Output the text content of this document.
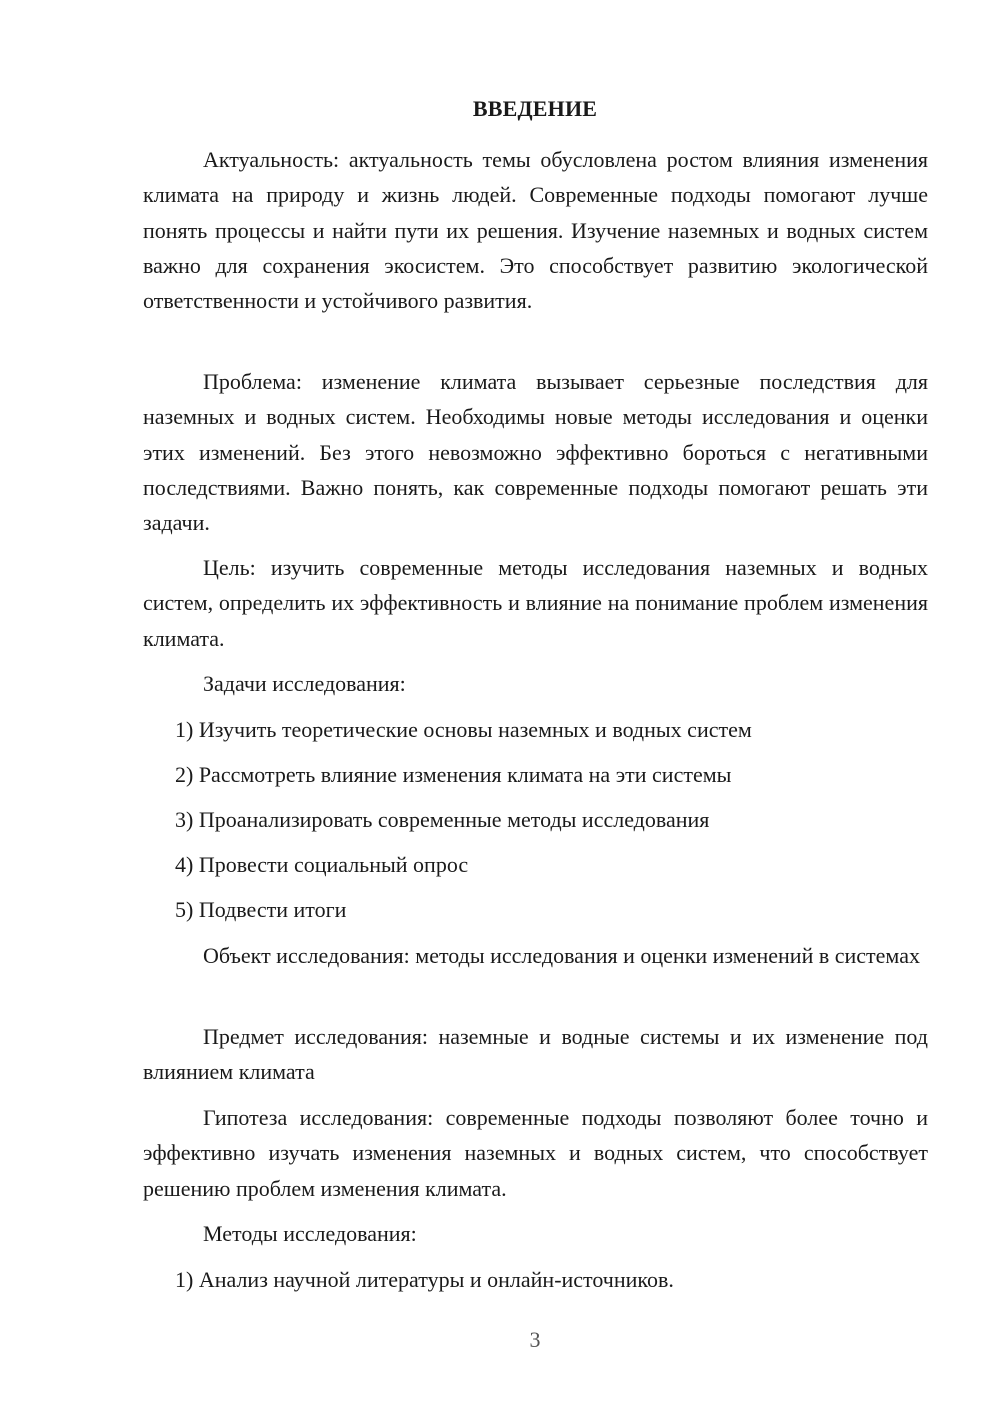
ВВЕДЕНИЕ

Актуальность: актуальность темы обусловлена ростом влияния изменения климата на природу и жизнь людей. Современные подходы помогают лучше понять процессы и найти пути их решения. Изучение наземных и водных систем важно для сохранения экосистем. Это способствует развитию экологической ответственности и устойчивого развития.

Проблема: изменение климата вызывает серьезные последствия для наземных и водных систем. Необходимы новые методы исследования и оценки этих изменений. Без этого невозможно эффективно бороться с негативными последствиями. Важно понять, как современные подходы помогают решать эти задачи.

Цель: изучить современные методы исследования наземных и водных систем, определить их эффективность и влияние на понимание проблем изменения климата.

Задачи исследования:

1) Изучить теоретические основы наземных и водных систем

2) Рассмотреть влияние изменения климата на эти системы

3) Проанализировать современные методы исследования

4) Провести социальный опрос

5) Подвести итоги

Объект исследования: методы исследования и оценки изменений в системах

Предмет исследования: наземные и водные системы и их изменение под влиянием климата

Гипотеза исследования: современные подходы позволяют более точно и эффективно изучать изменения наземных и водных систем, что способствует решению проблем изменения климата.

Методы исследования:

1) Анализ научной литературы и онлайн-источников.

3
